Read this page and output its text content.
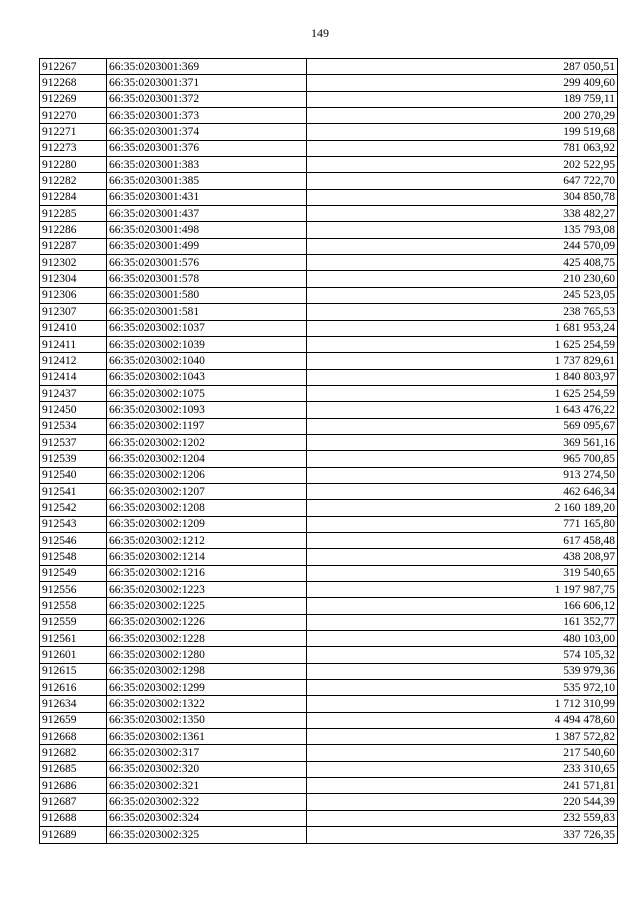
149
912267	66:35:0203001:369	287 050,51
912268	66:35:0203001:371	299 409,60
912269	66:35:0203001:372	189 759,11
912270	66:35:0203001:373	200 270,29
912271	66:35:0203001:374	199 519,68
912273	66:35:0203001:376	781 063,92
912280	66:35:0203001:383	202 522,95
912282	66:35:0203001:385	647 722,70
912284	66:35:0203001:431	304 850,78
912285	66:35:0203001:437	338 482,27
912286	66:35:0203001:498	135 793,08
912287	66:35:0203001:499	244 570,09
912302	66:35:0203001:576	425 408,75
912304	66:35:0203001:578	210 230,60
912306	66:35:0203001:580	245 523,05
912307	66:35:0203001:581	238 765,53
912410	66:35:0203002:1037	1 681 953,24
912411	66:35:0203002:1039	1 625 254,59
912412	66:35:0203002:1040	1 737 829,61
912414	66:35:0203002:1043	1 840 803,97
912437	66:35:0203002:1075	1 625 254,59
912450	66:35:0203002:1093	1 643 476,22
912534	66:35:0203002:1197	569 095,67
912537	66:35:0203002:1202	369 561,16
912539	66:35:0203002:1204	965 700,85
912540	66:35:0203002:1206	913 274,50
912541	66:35:0203002:1207	462 646,34
912542	66:35:0203002:1208	2 160 189,20
912543	66:35:0203002:1209	771 165,80
912546	66:35:0203002:1212	617 458,48
912548	66:35:0203002:1214	438 208,97
912549	66:35:0203002:1216	319 540,65
912556	66:35:0203002:1223	1 197 987,75
912558	66:35:0203002:1225	166 606,12
912559	66:35:0203002:1226	161 352,77
912561	66:35:0203002:1228	480 103,00
912601	66:35:0203002:1280	574 105,32
912615	66:35:0203002:1298	539 979,36
912616	66:35:0203002:1299	535 972,10
912634	66:35:0203002:1322	1 712 310,99
912659	66:35:0203002:1350	4 494 478,60
912668	66:35:0203002:1361	1 387 572,82
912682	66:35:0203002:317	217 540,60
912685	66:35:0203002:320	233 310,65
912686	66:35:0203002:321	241 571,81
912687	66:35:0203002:322	220 544,39
912688	66:35:0203002:324	232 559,83
912689	66:35:0203002:325	337 726,35
